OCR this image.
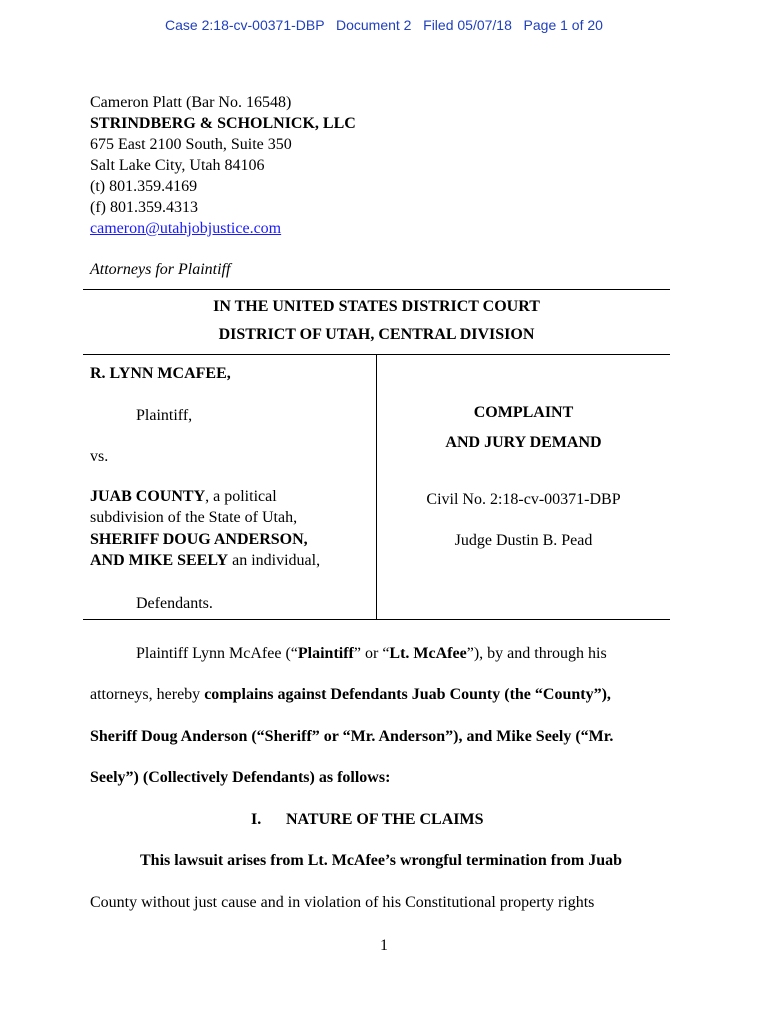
Case 2:18-cv-00371-DBP Document 2 Filed 05/07/18 Page 1 of 20
Cameron Platt (Bar No. 16548)
STRINDBERG & SCHOLNICK, LLC
675 East 2100 South, Suite 350
Salt Lake City, Utah 84106
(t) 801.359.4169
(f) 801.359.4313
cameron@utahjobjustice.com
Attorneys for Plaintiff
IN THE UNITED STATES DISTRICT COURT
DISTRICT OF UTAH, CENTRAL DIVISION
R. LYNN MCAFEE,
Plaintiff,
vs.
JUAB COUNTY, a political
subdivision of the State of Utah,
SHERIFF DOUG ANDERSON,
AND MIKE SEELY an individual,
Defendants.
COMPLAINT
AND JURY DEMAND
Civil No. 2:18-cv-00371-DBP
Judge Dustin B. Pead
Plaintiff Lynn McAfee (“Plaintiff” or “Lt. McAfee”), by and through his
attorneys, hereby complains against Defendants Juab County (the “County”),
Sheriff Doug Anderson (“Sheriff” or “Mr. Anderson”), and Mike Seely (“Mr.
Seely”) (Collectively Defendants) as follows:
I. NATURE OF THE CLAIMS
This lawsuit arises from Lt. McAfee’s wrongful termination from Juab
County without just cause and in violation of his Constitutional property rights
1
